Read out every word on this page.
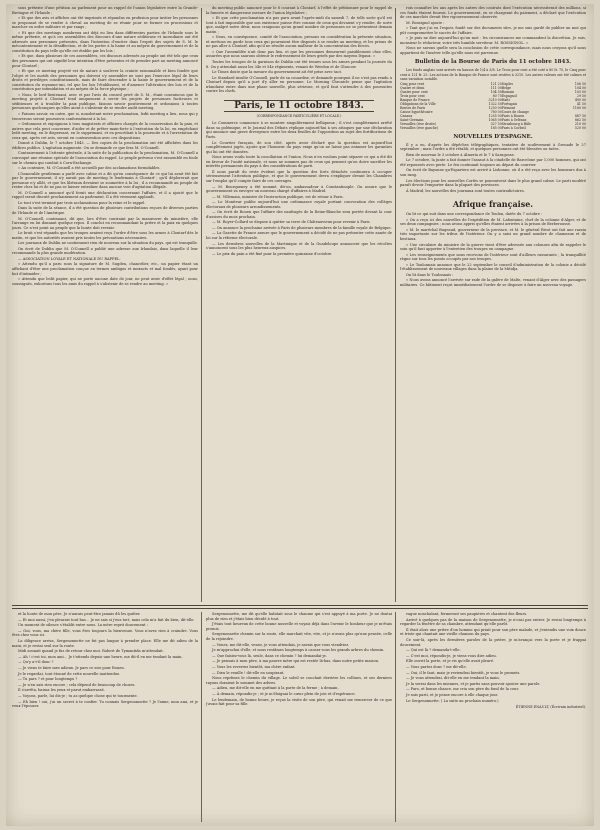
sous prétexte d'une pétition au parlement pour un rappel de l'union législative entre la Grande-Bretagne et l'Irlande ;

« Et que des avis et affiches ont été imprimés et répandus en profusion pour inviter les personnes se proposant de se rendre à cheval au meeting de se réunir pour se former en processions et marcher en ordre militaire et par rangs ;

« Et que des meetings nombreux ont déjà eu lieu dans différentes parties de l'Irlande sous le même prétexte, et qu'à ces assemblées des discours d'une nature séditieuse et incendiaire ont été adressés aux personnes présentes, dans l'intention d'exciter dans l'esprit des sujets de S. M. le mécontentement et la désaffection, et de les porter à la haine et au mépris du gouvernement et de la constitution du pays telle qu'elle est établie par les lois ;

« Et que, dans plusieurs de ces assemblées, ces discours adressés au peuple ont été tels que ceux des personnes qui ont signifié leur intention d'être présentes et de prendre part au meeting annoncé pour Clontarf ;

« Et que ce meeting projeté est de nature à soulever la crainte raisonnable et bien fondée que l'objet et les motifs des personnes qui doivent s'y assembler ne sont pas l'exercice légal de leurs droits et privilèges constitutionnels, mais de faire descendre à la haine le gouvernement et de la constitution du royaume-uni, tel que les lois l'établissent, et d'amener l'altération des lois et de la constitution par intimidation et au mépris de la force physique ;

« Nous, le lord-lieutenant, avec et par l'avis du conseil privé de S. M., étant convaincus que le meeting projeté à Clontarf tend uniquement à servir les projets de personnes factieuses et séditieuses et à troubler la paix publique, faisons savoir positivement et ordonnons à toutes personnes quelconques qu'elles aient à s'abstenir de se rendre audit meeting.

« Faisons savoir, en outre, que si, nonobstant notre proclamation, ledit meeting a lieu, nous qui y trouverons seront poursuivis conformément à la loi.

« Ordonnons et enjoignons à tous magistrats et officiers chargés de la conservation de la paix, et autres que cela peut concerner, d'aider et de prêter main-forte à l'exécution de la loi, en empêchant ledit meeting, en le dispersant, en le supprimant, et en procédant à la poursuite et à l'arrestation de ceux qui, après cet avis, seront en contravention avec ces dispositions.

Donné à Dublin, le 7 octobre 1843. — Des copies de la proclamation ont été affichées dans les édifices publics. L'agitation augmente. On se demande ce que fera M. O'Connell.

Contrairement à l'attente générale, à la suite de la publication de la proclamation, M. O'Connell a convoqué une réunion spéciale de l'association du rappel. Le peuple prévenu s'est rassemblé en foule sur le chemin qui conduit à Corn-Exchange.

« Au contraire, M. O'Connell a été accueilli par des acclamations formidables.

L'honorable gentleman a parlé avec calme et a dit qu'en conséquence de ce qui lui avait été fait par le gouvernement, il n'y aurait pas de meeting le lendemain à Clontarf ; qu'il déplorerait que personne n'y allât, et que les libéraux devaient se soumettre à la loi ; il a recommandé au peuple de rester chez lui et de ne pas se laisser entraîner dans aucune voie d'agitation illégale.

M. O'Connell a annoncé qu'il ferait une déclaration concernant l'affaire, et il a ajouté que le rappel serait discuté prochainement au parlement. Il a été vivement applaudi.

Le tout s'est terminé par trois acclamations pour la reine et le rappel.

Dans la suite de la séance, il a été question de plusieurs contributions reçues de diverses parties de l'Irlande et de l'Amérique.

M. O'Connell, continuant, dit que, lors d'être contraint par la manœuvre du ministère, elle l'arrange en lui donnant quelque repos. Il conclut en recommandant la prière et la paix en quelques jours. Ce n'est point au peuple que la honte doit revenir.

Le bruit s'est répandu que les troupes avaient reçu l'ordre d'être sous les armes à Clontarf dès le matin, et que les autorités avaient pris toutes les précautions nécessaires.

Les journaux de Dublin ne contiennent rien de nouveau sur la situation du pays, qui est tranquille.

On écrit de Dublin que M. O'Connell a publié une adresse aux Irlandais, dans laquelle il leur recommande la plus grande modération.

— ASSOCIATION LOYALE ET NATIONALE DU RAPPEL.

« Attendu qu'il a paru sous la signature de M. Sugden, chancelier, etc., un papier étant un affichant d'être une proclamation conçue en termes ambigus et inexacts et mal fondés, ayant pour but d'intimider ;

« Attendu que ledit papier, qui ne porte aucune date de jour, ne peut avoir d'effet légal ; nous, soussignés, exhortons tous les amis du rappel à s'abstenir de se rendre au meeting. »

du meeting public annoncé pour le 8 courant à Clontarf, à l'effet de pétitionner pour le rappel de la funeste et dangereuse mesure de l'union législative ;

« Et que cette proclamation n'a pas paru avant l'après-midi du samedi 7, de telle sorte qu'il est tout à fait impossible que son existence puisse être connue de ceux qui devaient s'y rendre, de sorte que, malgré notre désir, nous craignons qu'un grand nombre de personnes ne se présentent demain matin ;

« Nous, en conséquence, comité de l'association, prenons en considération la présente situation, et mettons en garde tous ceux qui pourraient être disposés à se rendre au meeting, et les prions de ne pas aller à Clontarf, afin qu'il ne résulte aucun malheur de la concentration des forces.

« Que l'assemblée n'ait donc pas lieu, et que les personnes demeurent paisiblement chez elles, assurées que nous saurons obtenir le redressement de leurs griefs par des moyens légaux. »

Toutes les troupes de la garnison de Dublin ont été tenues sous les armes pendant la journée du 8. On y attendait aussi les 34e et 54e régiments, venant de Weedon et de Glascow.

Le Times doute que la mesure du gouvernement ait été prise avec tact.

Le Standard insulte O'Connell, parle de sa couardise, et demande pourquoi il ne s'est pas rendu à Clontarf depuis qu'il a juré d'y aller en personne. Le Morning Chronicle pense que l'agitation irlandaise entre dans une phase nouvelle, plus sérieuse, et qu'il faut s'attendre à des poursuites contre les chefs.

Paris, le 11 octobre 1843.
(CORRESPONDANCE PARTICULIÈRE ET LOCALE.)

Le Commerce commence à se montrer singulièrement belliqueux ; il s'est complètement arrêté dans sa polémique, et le Journal des Débats réplique aujourd'hui à ses attaques par une déclaration qui annonce une grave divergence entre les deux feuilles de l'opposition au sujet des fortifications de Paris.

Le Courrier français, de son côté, après avoir déclaré que la question est aujourd'hui complètement jugée, ajoute que l'honneur du pays exige qu'on ne laisse pas entamer les garanties qui lui ont été données.

Nous avons voulu toute la conciliation et l'union. Nous n'en voulons point séparer ce qui a été dit en faveur de l'unité nationale, et nous ne sommes pas de ceux qui pensent qu'on doive sacrifier les intérêts permanents du pays à des considérations de parti.

Il nous paraît du reste évident que la question des forts détachés continuera à occuper sérieusement l'attention publique, et que le gouvernement devra s'expliquer devant les Chambres sur l'emploi qu'il compte faire de ces ouvrages.

— M. Bourqueney a été nommé, dit-on, ambassadeur à Constantinople. On assure que le gouvernement va envoyer un nouveau chargé d'affaires à Madrid.

— M. Villemain, ministre de l'instruction publique, est de retour à Paris.

— Le Moniteur publie aujourd'hui une ordonnance royale portant convocation des collèges électoraux de plusieurs arrondissements.

— On écrit de Rouen que l'affaire des naufragés de la Reine-Blanche sera portée devant la cour d'assises du mois prochain.

— M. Royer-Collard se dispose à quitter sa terre de Châteauvieux pour revenir à Paris.

— On annonce la prochaine arrivée à Paris de plusieurs membres de la famille royale de Belgique.

— La Gazette de France assure que le gouvernement a décidé de ne pas présenter cette année de loi sur la réforme électorale.

— Les dernières nouvelles de la Martinique et de la Guadeloupe annoncent que les récoltes s'annoncent sous les plus heureux auspices.

— Le prix du pain a été fixé pour la première quinzaine d'octobre.

rois connaître les uns après les autres des contrats dont l'exécution nécessiterait des millions, si ces fonds étaient fournis. Le gouvernement, en se chargeant du paiement, a déclaré que l'exécution de ces marchés devait être rigoureusement observée.

M. Rossignol ajoute :

« Tant que j'ai eu l'espoir, fondé sur des documents sûrs, je me suis gardé de publier un mot qui pût compromettre le succès de l'affaire.

« Je puis ne dire aujourd'hui qu'un mot : les circonstances me commandent la discrétion. Je suis, monsieur le rédacteur, votre très humble serviteur. M. ROSSIGNOL. »

Nous ne savons quelle sera la conclusion de cette correspondance, mais nous croyons qu'il nous appartient de l'insérer telle qu'elle nous est parvenue.

Bulletin de la Bourse de Paris du 11 octobre 1843.

Les fonds anglais sont arrivés en hausse de 1/4 à 3/8. Le Trois pour cent a été coté à 80 fr. 75, le Cinq pour cent à 121 fr. 25. Les actions de la Banque de France sont restées à 3210. Les autres valeurs ont été calmes et sans variation notable.

Cinq pour cent	121 25	Naples	106 50
Quatre et demi	111 00	Belge	104 00
Quatre pour cent	104 50	Romain	103 00
Trois pour cent	80 75	Espagnol	29 50
Banque de France	3210 00	Haïti	490 00
Obligations de la Ville	1322 50	Portugais	41 50
Rentes de Paris	1250 00	Piémont	1180 00
Caisse hypothécaire	780 00	Cours de change	
Canaux	1255 00	Paris à Rouen	887 50
Saint-Germain	1065 00	Paris à Orléans	862 50
Versailles (rive droite)	327 50	Strasbourg à Bâle	210 00
Versailles (rive gauche)	185 00	Paris à Corbeil	520 00
NOUVELLES D'ESPAGNE.

Il y a eu, d'après les dépêches télégraphiques, tentative de soulèvement à Grenade le 27 septembre ; mais l'ordre a été rétabli, et quelques personnes ont été blessées ou tuées.

Bien de nouveau le 3 octobre à Almería et le 7 à Saragosse.

Le 7 octobre, la junte a fait donner l'assaut à la citadelle de Barcelone par 1,000 hommes, qui ont été repoussés avec perte. Le feu continuait toujours au départ du courrier.

On écrit de Bayonne qu'Espartero est arrivé à Lisbonne, où il a été reçu avec les honneurs dus à son rang.

Les élections pour les nouvelles Cortès se poursuivent dans le plus grand calme. Le parti modéré paraît devoir l'emporter dans la plupart des provinces.

À Madrid, les nouvelles des journaux sont toutes contradictoires.

Afrique française.

On lit ce qui suit dans une correspondance de Toulon, datée du 7 octobre :

« On a reçu ici des nouvelles de l'expédition de M. Lafontaine, chef de la colonne d'Alger, et de ses deux compagnies ; nous avons appris qu'elles étaient arrivées à la prison de Berberousse.

« M. le maréchal Bugeaud, gouverneur de la province, et M. le général Rivot ont fait une razzia très importante sur les tribus de l'intérieur. On y a saisi un grand nombre de chameaux et de bestiaux.

« Une circulaire du ministre de la guerre vient d'être adressée aux colonnes afin de rappeler le soin qu'il faut apporter à l'entretien des troupes en campagne.

« Les renseignements que nous recevons de l'intérieur sont d'ailleurs rassurants ; la tranquillité règne sur tous les points occupés par nos troupes.

« Le Toulonnais annonce que le 22 septembre le conseil d'administration de la colonie a décidé l'établissement de nouveaux villages dans la plaine de la Mitidja.

On lit dans le Toulonnais :

« Nous avons annoncé l'arrivée sur rade de la galère de Malte, venant d'Alger avec des passagers militaires. Ce bâtiment reçut immédiatement l'ordre de se disposer à faire un nouveau voyage.

et la honte de mon père. Je n'aurais peut-être jamais dû les quitter.

— Et moi aussi, j'en pleurais tout bas… Je ne sais si j'eus tort, mais cela m'a fait du bien, dit-elle.

Un moment de silence s'établit entre nous. La mère reprit doucement :

— Oui, vous, ma chère fille, vous êtes toujours la bienvenue. Vous n'avez rien à craindre. Vous êtes chez vous ici.

La diligence arriva, Sergenonnette ne fut pas longue à prendre place. Elle me dit adieu de la main, et je restai seul sur la route.

Midi sonnait quand je fus de retour chez moi. Robert de Tymantida m'attendait.

— Ah ! c'est toi, mon ami… Je t'attends depuis une heure, me dit-il en me tendant la main.

— Qu'y a-t-il donc ?

— Je viens te faire mes adieux. Je pars ce soir pour Rouen.

Je le regardai, tout étonné de cette nouvelle inattendue.

— Tu pars ? et pour longtemps ?

— Je n'en sais rien encore ; cela dépend de beaucoup de choses.

Il s'arrêta, baissa les yeux et parut embarrassé.

— Voyons, parle, lui dis-je ; tu as quelque chose qui te tourmente.

— Eh bien ! oui, j'ai un secret à te confier. Tu connais Sergenonnette ? Je l'aime, mon ami, et je veux l'épouser.

Sergenonnette, me dit qu'elle habitait sous le chaume qui s'est appuyé à ma porte. Je ne doutai plus de rien et j'étais bien décidé à tout.

J'étais tout heureux de cette bonne nouvelle et voyais déjà dans l'avenir le bonheur que je m'étais promis.

Sergenonnette chemin sur la route, elle marchait vite, vite, et je n'avais plus qu'une pensée, celle de la rejoindre.

— Venez, me dit-elle, venez, je vous attendais, je savais que vous viendriez.

Je m'approchai d'elle, et nous restâmes longtemps à causer sous les grands arbres du chemin.

— Que faisiez-vous là, seule, dans ce chemin ? lui demandai-je.

— Je pensais à mon père, à ma pauvre mère qui est restée là-bas, dans notre petite maison.

— Vous les reverrez bientôt, ma chère enfant.

— Dieu le veuille ! dit-elle en soupirant.

Nous reprîmes le chemin du village. Le soleil se couchait derrière les collines, et ses derniers rayons doraient le sommet des arbres.

— Adieu, me dit-elle en me quittant à la porte de la ferme ; à demain.

— À demain, répondis-je ; et je m'éloignai le cœur plein de joie et d'espérance.

Le lendemain, de bonne heure, je reçus la visite de son père, qui venait me remercier de ce que j'avais fait pour sa fille.

vague nonchalant, fermeront ses paupières et chantent des fleurs.

Arrivé à quelques pas de la maison de Sergenonnette, je n'osai pas entrer. Je restai longtemps à regarder la fenêtre de sa chambre, attendant qu'elle parût.

Il était alors une prière d'un homme qui priait pour son père malade, et j'entendis une voix douce et triste qui chantait une vieille chanson du pays.

Ce soir-là, après les dernières paroles de la prière, je m'avançai vers la porte et je frappai doucement.

— Qui est là ? demanda-t-elle.

— C'est moi, répondis-je, je viens vous dire adieu.

Elle ouvrit la porte, et je vis qu'elle avait pleuré.

— Vous partez donc ? me dit-elle.

— Oui, il le faut, mais je reviendrai bientôt, je vous le promets.

— Je vous attendrai, dit-elle en me tendant la main.

Je la serrai dans les miennes, et je partis sans pouvoir ajouter une parole.

— Pars, et bonne chance, me cria son père du fond de la cour.

Je suis parti, et je pense encore à elle chaque jour.

Le Sergenonnette. ( La suite au prochain numéro.)

ÉTIENNE ENAULT, (Écrivain industriel).
